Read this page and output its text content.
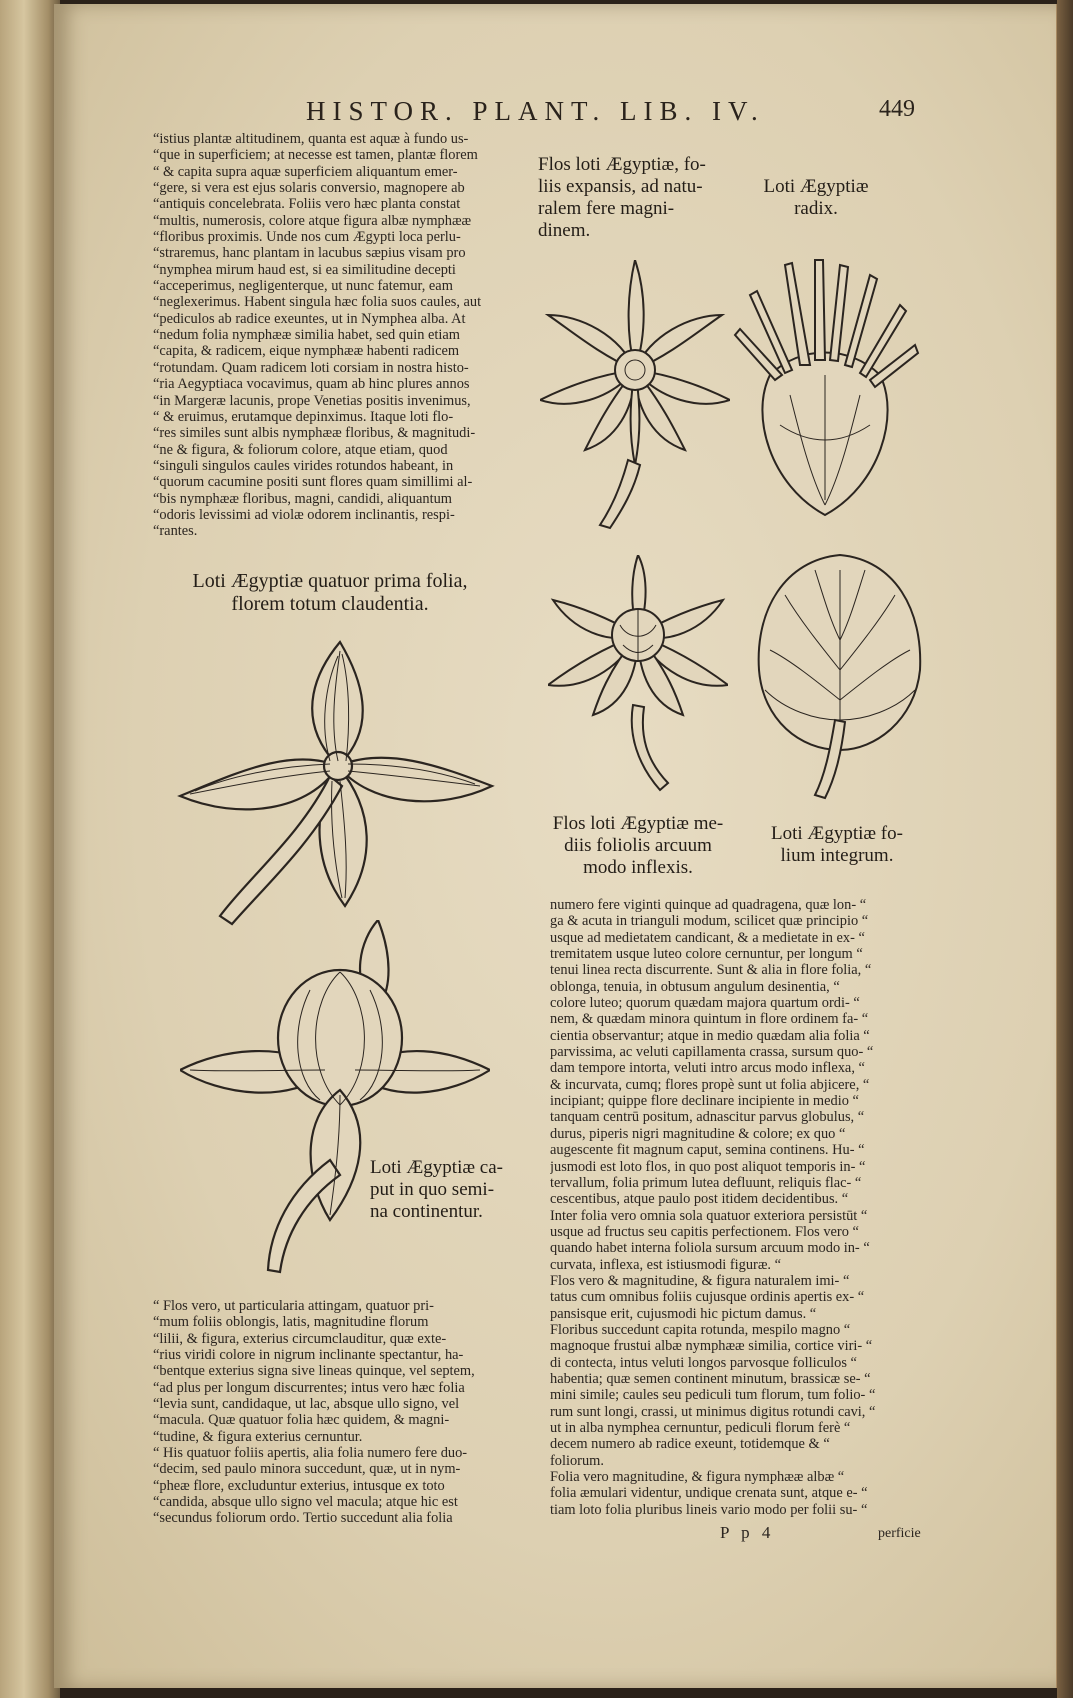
HISTOR. PLANT. LIB. IV.	449
“istius plantæ altitudinem, quanta est aquæ à fundo us-
“que in superficiem; at necesse est tamen, plantæ florem
“ & capita supra aquæ superficiem aliquantum emer-
“gere, si vera est ejus solaris conversio, magnopere ab
“antiquis concelebrata. Foliis vero hæc planta constat
“multis, numerosis, colore atque figura albæ nymphææ
“floribus proximis. Unde nos cum Ægypti loca perlu-
“straremus, hanc plantam in lacubus sæpius visam pro
“nymphea mirum haud est, si ea similitudine decepti
“acceperimus, negligenterque, ut nunc fatemur, eam
“neglexerimus. Habent singula hæc folia suos caules, aut
“pediculos ab radice exeuntes, ut in Nymphea alba. At
“nedum folia nymphææ similia habet, sed quin etiam
“capita, & radicem, eique nymphææ habenti radicem
“rotundam. Quam radicem loti corsiam in nostra histo-
“ria Aegyptiaca vocavimus, quam ab hinc plures annos
“in Margeræ lacunis, prope Venetias positis invenimus,
“ & eruimus, erutamque depinximus. Itaque loti flo-
“res similes sunt albis nymphææ floribus, & magnitudi-
“ne & figura, & foliorum colore, atque etiam, quod
“singuli singulos caules virides rotundos habeant, in
“quorum cacumine positi sunt flores quam simillimi al-
“bis nymphææ floribus, magni, candidi, aliquantum
“odoris levissimi ad violæ odorem inclinantis, respi-
“rantes.
Loti Ægyptiæ quatuor prima folia,
florem totum claudentia.
Flos loti Ægyptiæ, fo-
liis expansis, ad natu-
ralem fere magni-
dinem.
Loti Ægyptiæ
radix.
Flos loti Ægyptiæ me-
diis foliolis arcuum
modo inflexis.
Loti Ægyptiæ fo-
lium integrum.
Loti Ægyptiæ ca-
put in quo semi-
na continentur.
numero fere viginti quinque ad quadragena, quæ lon- “
ga & acuta in trianguli modum, scilicet quæ principio “
usque ad medietatem candicant, & a medietate in ex- “
tremitatem usque luteo colore cernuntur, per longum “
tenui linea recta discurrente. Sunt & alia in flore folia, “
oblonga, tenuia, in obtusum angulum desinentia, “
colore luteo; quorum quædam majora quartum ordi- “
nem, & quædam minora quintum in flore ordinem fa- “
cientia observantur; atque in medio quædam alia folia “
parvissima, ac veluti capillamenta crassa, sursum quo- “
dam tempore intorta, veluti intro arcus modo inflexa, “
& incurvata, cumq; flores propè sunt ut folia abjicere, “
incipiant; quippe flore declinare incipiente in medio “
tanquam centrū positum, adnascitur parvus globulus, “
durus, piperis nigri magnitudine & colore; ex quo “
augescente fit magnum caput, semina continens. Hu- “
jusmodi est loto flos, in quo post aliquot temporis in- “
tervallum, folia primum lutea defluunt, reliquis flac- “
cescentibus, atque paulo post itidem decidentibus. “
Inter folia vero omnia sola quatuor exteriora persistūt “
usque ad fructus seu capitis perfectionem. Flos vero “
quando habet interna foliola sursum arcuum modo in- “
curvata, inflexa, est istiusmodi figuræ. “
Flos vero & magnitudine, & figura naturalem imi- “
tatus cum omnibus foliis cujusque ordinis apertis ex- “
pansisque erit, cujusmodi hic pictum damus. “
Floribus succedunt capita rotunda, mespilo magno “
magnoque frustui albæ nymphææ similia, cortice viri- “
di contecta, intus veluti longos parvosque folliculos “
habentia; quæ semen continent minutum, brassicæ se- “
mini simile; caules seu pediculi tum florum, tum folio- “
rum sunt longi, crassi, ut minimus digitus rotundi cavi, “
ut in alba nymphea cernuntur, pediculi florum ferè “
decem numero ab radice exeunt, totidemque & “
foliorum.
Folia vero magnitudine, & figura nymphææ albæ “
folia æmulari videntur, undique crenata sunt, atque e- “
tiam loto folia pluribus lineis vario modo per folii su- “
“ Flos vero, ut particularia attingam, quatuor pri-
“mum foliis oblongis, latis, magnitudine florum
“lilii, & figura, exterius circumclauditur, quæ exte-
“rius viridi colore in nigrum inclinante spectantur, ha-
“bentque exterius signa sive lineas quinque, vel septem,
“ad plus per longum discurrentes; intus vero hæc folia
“levia sunt, candidaque, ut lac, absque ullo signo, vel
“macula. Quæ quatuor folia hæc quidem, & magni-
“tudine, & figura exterius cernuntur.
“ His quatuor foliis apertis, alia folia numero fere duo-
“decim, sed paulo minora succedunt, quæ, ut in nym-
“pheæ flore, excluduntur exterius, intusque ex toto
“candida, absque ullo signo vel macula; atque hic est
“secundus foliorum ordo. Tertio succedunt alia folia
P p 4	perficie
